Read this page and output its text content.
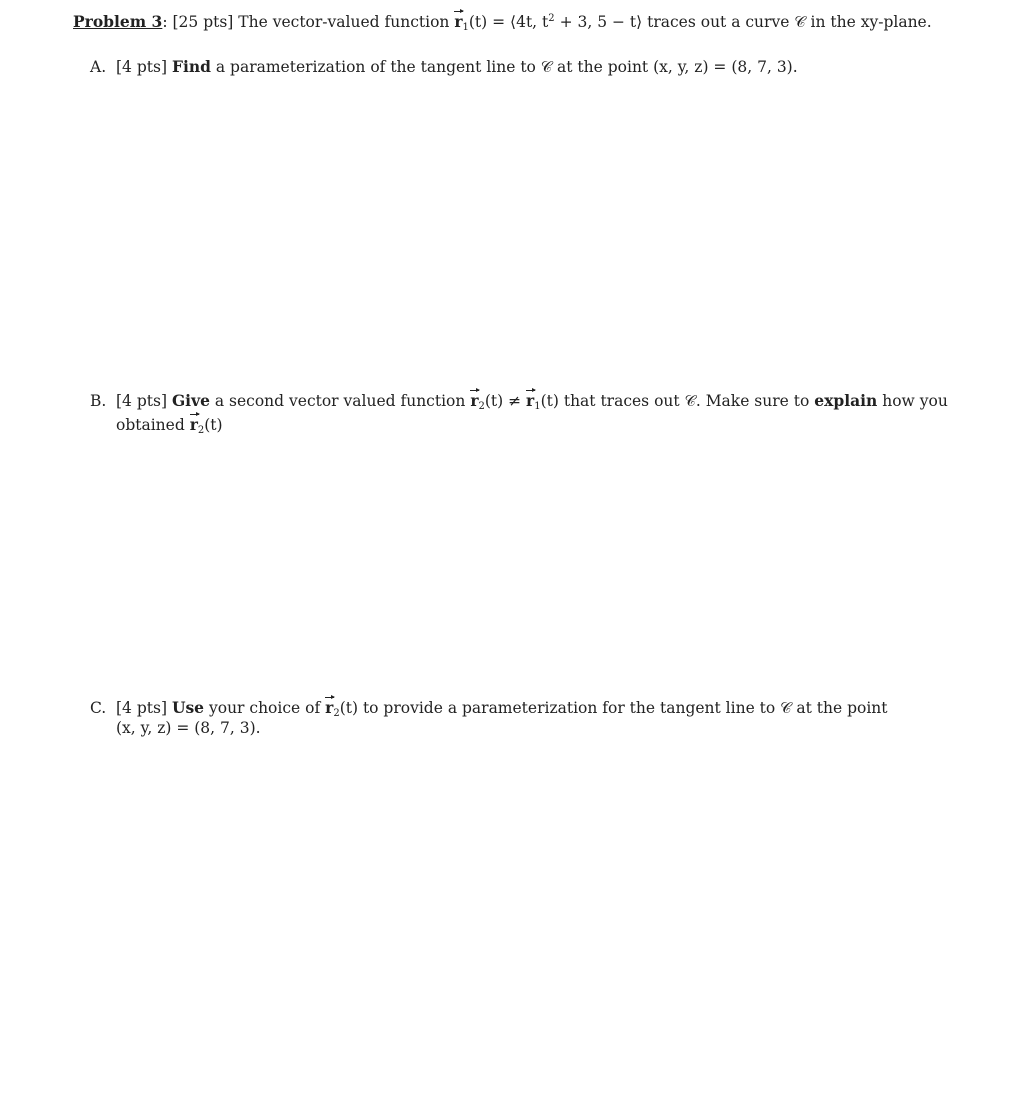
Problem 3: [25 pts] The vector-valued function r1(t) = ⟨4t, $t^2 + 3$, 5 − t⟩ traces out a curve 𝒞 in the xy-plane.
A. [4 pts] Find a parameterization of the tangent line to 𝒞 at the point (x, y, z) = (8, 7, 3).
B. [4 pts] Give a second vector valued function r2(t) ≠ r1(t) that traces out 𝒞. Make sure to explain how you
obtained r2(t)
C. [4 pts] Use your choice of r2(t) to provide a parameterization for the tangent line to 𝒞 at the point
(x, y, z) = (8, 7, 3).
